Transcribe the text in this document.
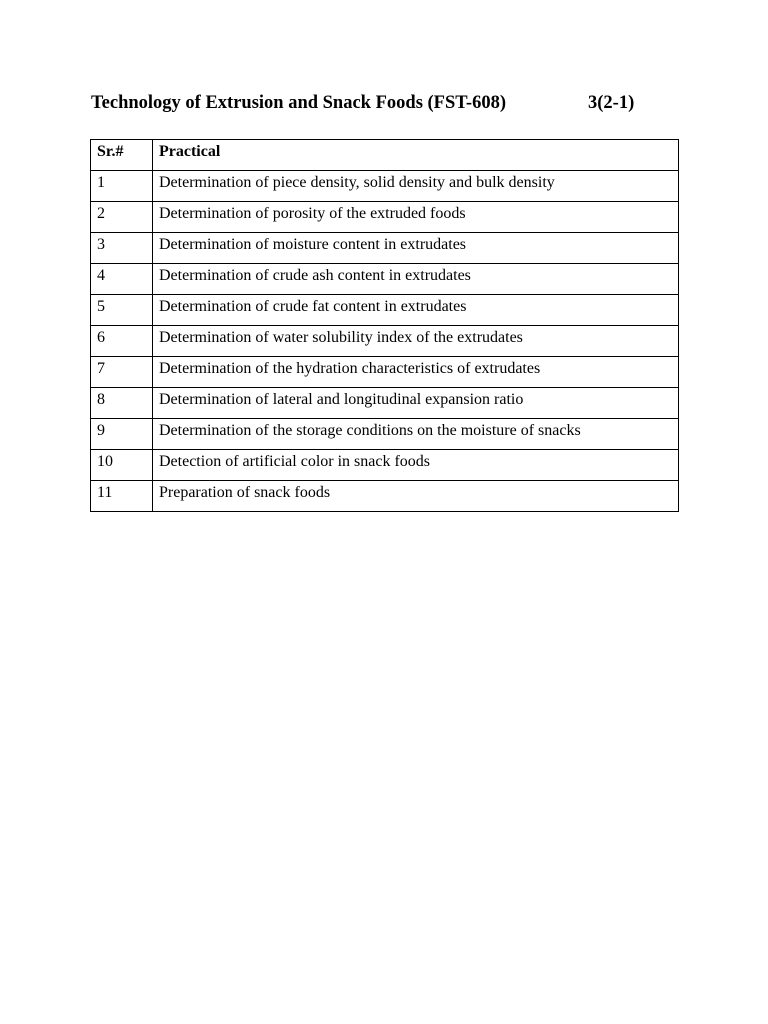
Technology of Extrusion and Snack Foods (FST-608)	3(2-1)
Sr.#	Practical
1	Determination of piece density, solid density and bulk density
2	Determination of porosity of the extruded foods
3	Determination of moisture content in extrudates
4	Determination of crude ash content in extrudates
5	Determination of crude fat content in extrudates
6	Determination of water solubility index of the extrudates
7	Determination of the hydration characteristics of extrudates
8	Determination of lateral and longitudinal expansion ratio
9	Determination of the storage conditions on the moisture of snacks
10	Detection of artificial color in snack foods
11	Preparation of snack foods
